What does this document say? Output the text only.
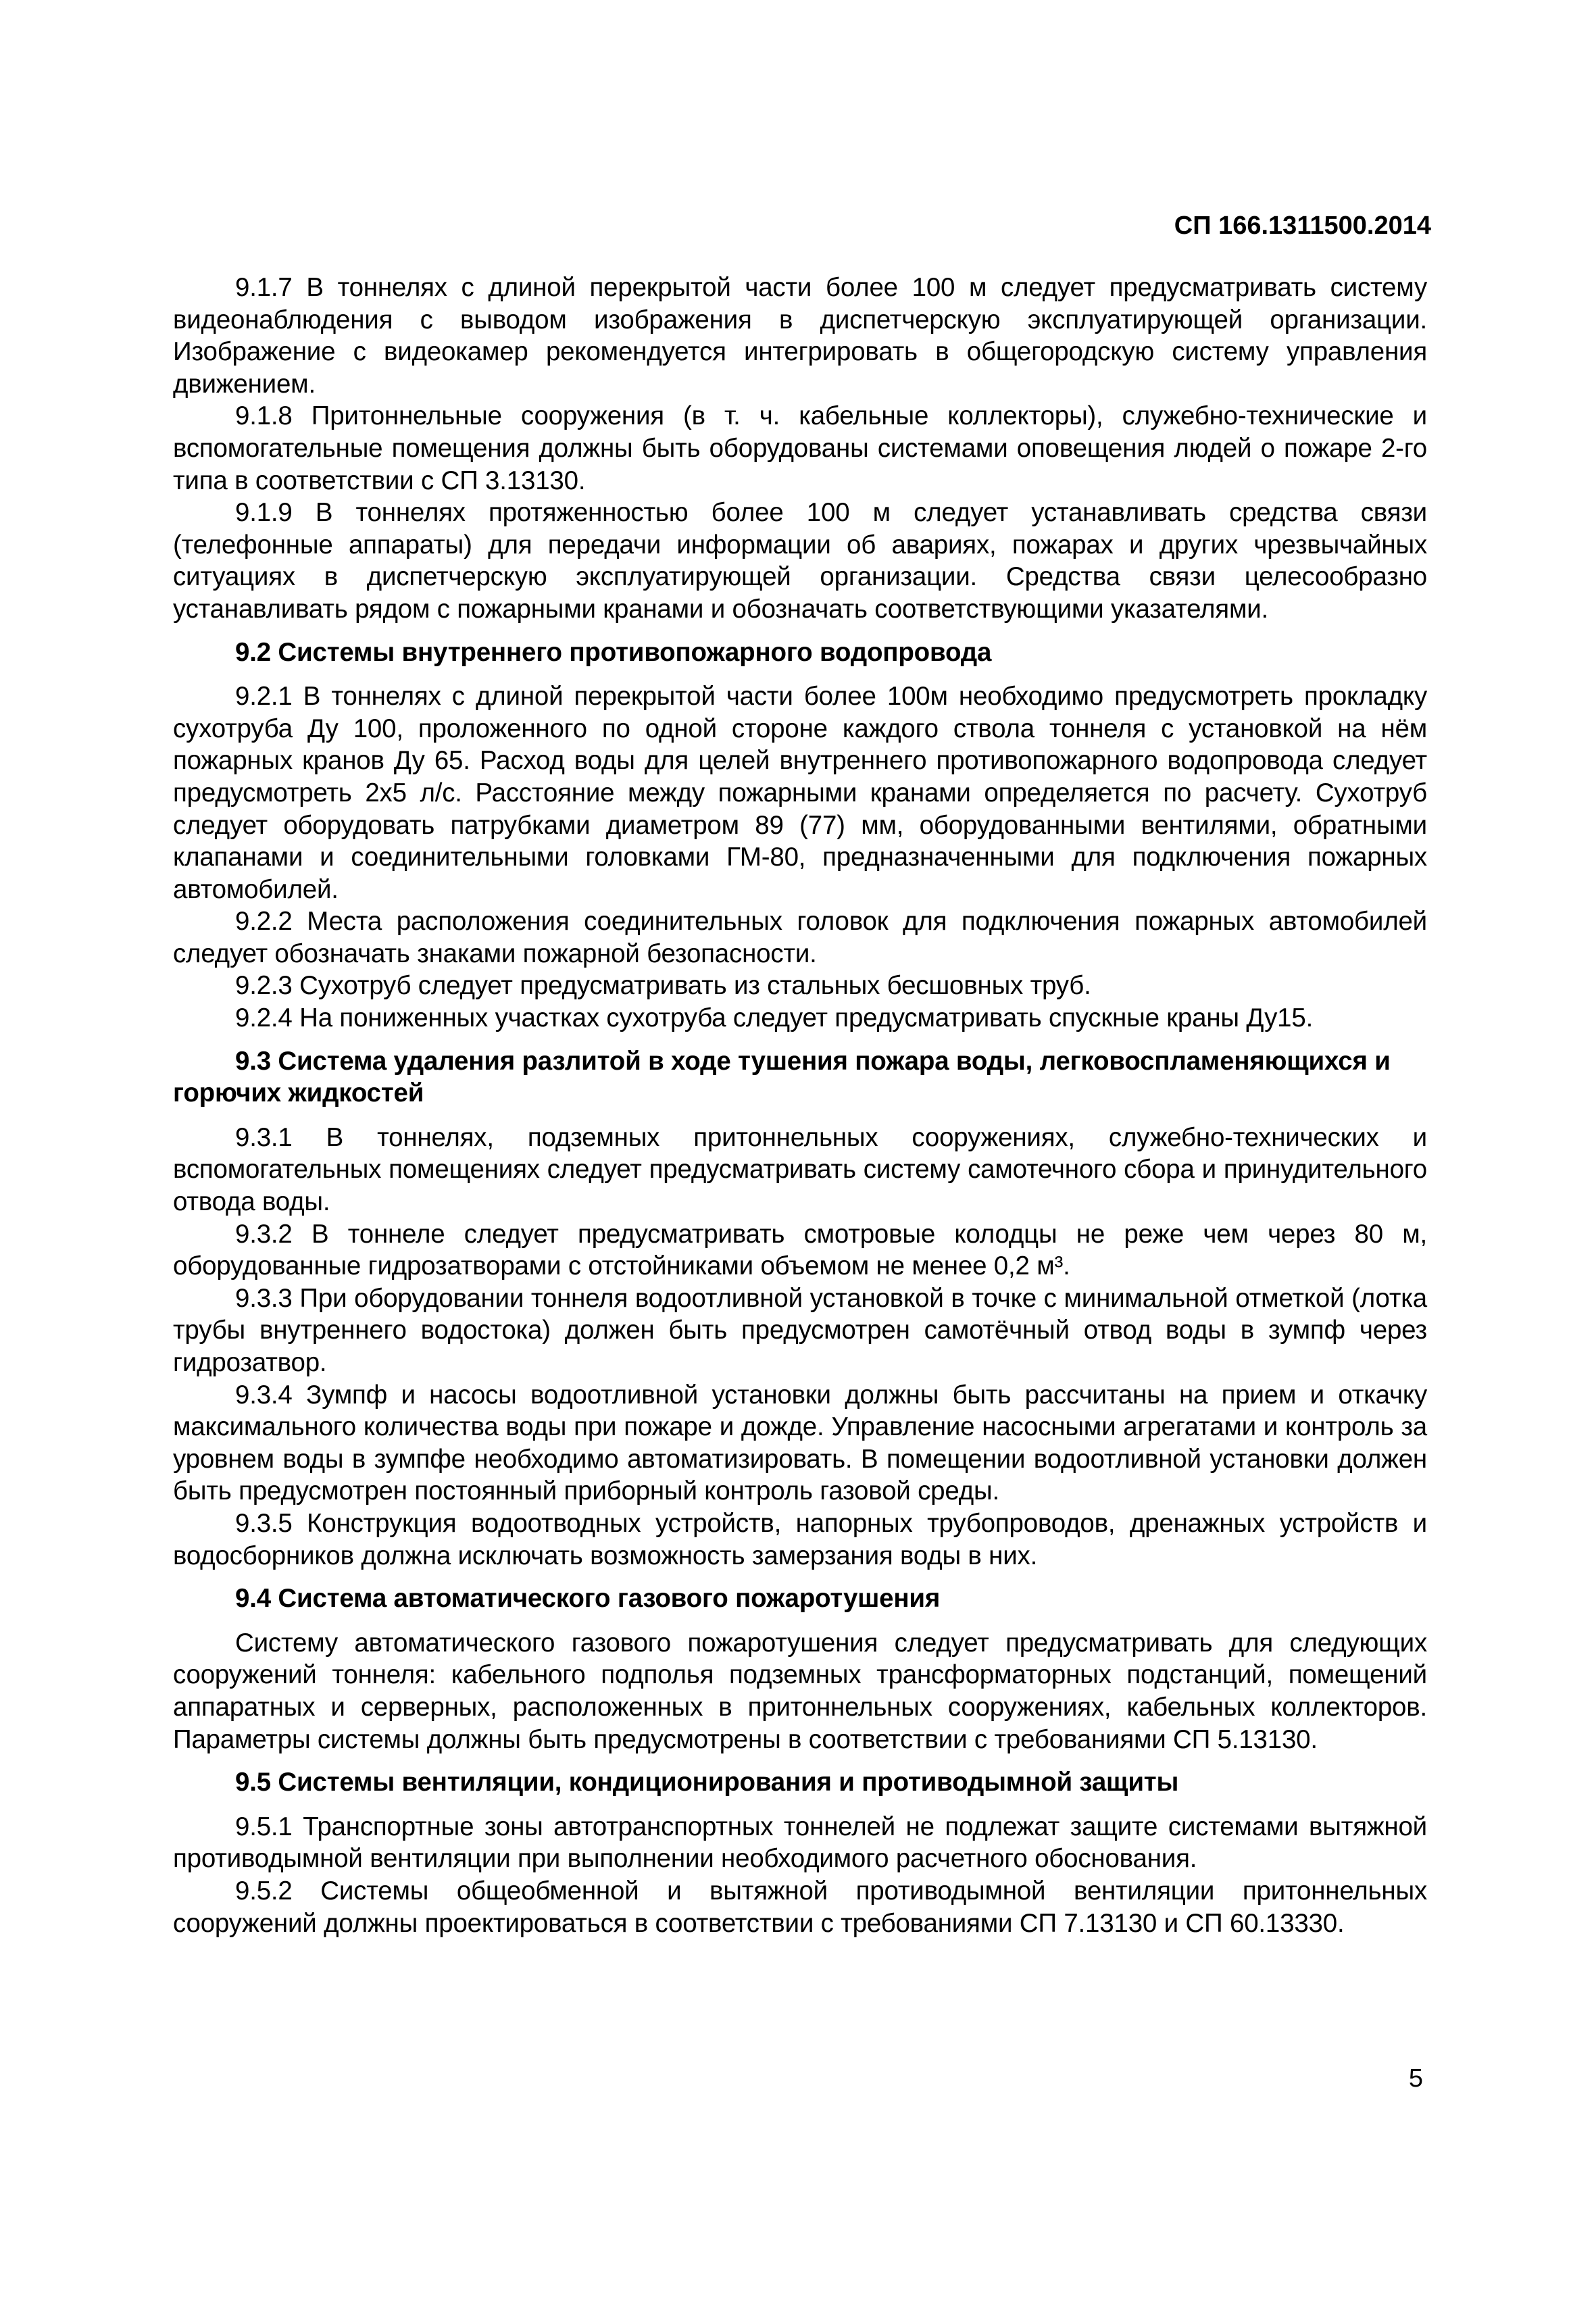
СП 166.1311500.2014

9.1.7 В тоннелях с длиной перекрытой части более 100 м следует предусматривать систему видеонаблюдения с выводом изображения в диспетчерскую эксплуатирующей организации. Изображение с видеокамер рекомендуется интегрировать в общегородскую систему управления движением.

9.1.8 Притоннельные сооружения (в т. ч. кабельные коллекторы), служебно-технические и вспомогательные помещения должны быть оборудованы системами оповещения людей о пожаре 2-го типа в соответствии с СП 3.13130.

9.1.9 В тоннелях протяженностью более 100 м следует устанавливать средства связи (телефонные аппараты) для передачи информации об авариях, пожарах и других чрезвычайных ситуациях в диспетчерскую эксплуатирующей организации. Средства связи целесообразно устанавливать рядом с пожарными кранами и обозначать соответствующими указателями.

9.2 Системы внутреннего противопожарного водопровода

9.2.1 В тоннелях с длиной перекрытой части более 100м необходимо предусмотреть прокладку сухотруба Ду 100, проложенного по одной стороне каждого ствола тоннеля с установкой на нём пожарных кранов Ду 65. Расход воды для целей внутреннего противопожарного водопровода следует предусмотреть 2х5 л/с. Расстояние между пожарными кранами определяется по расчету. Сухотруб следует оборудовать патрубками диаметром 89 (77) мм, оборудованными вентилями, обратными клапанами и соединительными головками ГМ-80, предназначенными для подключения пожарных автомобилей.

9.2.2 Места расположения соединительных головок для подключения пожарных автомобилей следует обозначать знаками пожарной безопасности.

9.2.3 Сухотруб следует предусматривать из стальных бесшовных труб.

9.2.4 На пониженных участках сухотруба следует предусматривать спускные краны Ду15.

9.3 Система удаления разлитой в ходе тушения пожара воды, легковоспламеняющихся и горючих жидкостей

9.3.1 В тоннелях, подземных притоннельных сооружениях, служебно-технических и вспомогательных помещениях следует предусматривать систему самотечного сбора и принудительного отвода воды.

9.3.2 В тоннеле следует предусматривать смотровые колодцы не реже чем через 80 м, оборудованные гидрозатворами с отстойниками объемом не менее 0,2 м³.

9.3.3 При оборудовании тоннеля водоотливной установкой в точке с минимальной отметкой (лотка трубы внутреннего водостока) должен быть предусмотрен самотёчный отвод воды в зумпф через гидрозатвор.

9.3.4 Зумпф и насосы водоотливной установки должны быть рассчитаны на прием и откачку максимального количества воды при пожаре и дожде. Управление насосными агрегатами и контроль за уровнем воды в зумпфе необходимо автоматизировать. В помещении водоотливной установки должен быть предусмотрен постоянный приборный контроль газовой среды.

9.3.5 Конструкция водоотводных устройств, напорных трубопроводов, дренажных устройств и водосборников должна исключать возможность замерзания воды в них.

9.4 Система автоматического газового пожаротушения

Систему автоматического газового пожаротушения следует предусматривать для следующих сооружений тоннеля: кабельного подполья подземных трансформаторных подстанций, помещений аппаратных и серверных, расположенных в притоннельных сооружениях, кабельных коллекторов. Параметры системы должны быть предусмотрены в соответствии с требованиями СП 5.13130.

9.5 Системы вентиляции, кондиционирования и противодымной защиты

9.5.1 Транспортные зоны автотранспортных тоннелей не подлежат защите системами вытяжной противодымной вентиляции при выполнении необходимого расчетного обоснования.

9.5.2 Системы общеобменной и вытяжной противодымной вентиляции притоннельных сооружений должны проектироваться в соответствии с требованиями СП 7.13130 и СП 60.13330.

5
